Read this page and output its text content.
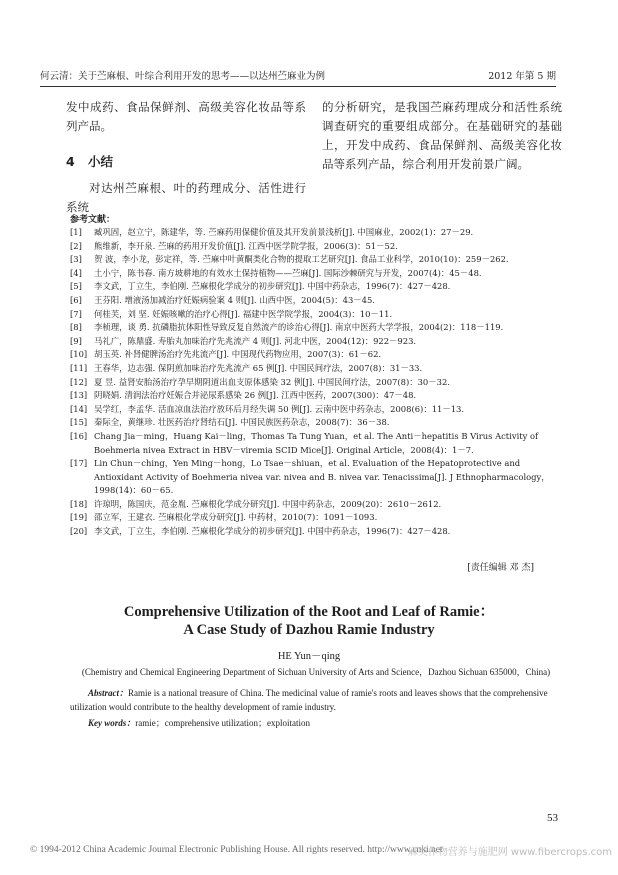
何云清：关于苎麻根、叶综合利用开发的思考——以达州苎麻业为例	2012 年第 5 期

发中成药、食品保鲜剂、高级美容化妆品等系列产品。

4 小结

对达州苎麻根、叶的药理成分、活性进行系统

的分析研究，是我国苎麻药理成分和活性系统调查研究的重要组成部分。在基础研究的基础上，开发中成药、食品保鲜剂、高级美容化妆品等系列产品，综合利用开发前景广阔。

参考文献：
[1]	臧巩固，赵立宁，陈建华，等. 苎麻药用保健价值及其开发前景浅析[J]. 中国麻业，2002(1)：27－29.
[2]	熊维新，李开泉. 苎麻的药用开发价值[J]. 江西中医学院学报，2006(3)：51－52.
[3]	贺 波，李小龙，彭定祥，等. 苎麻中叶黄酮类化合物的提取工艺研究[J]. 食品工业科学，2010(10)：259－262.
[4]	土小宁，陈书春. 南方坡耕地的有效水土保持植物——苎麻[J]. 国际沙棘研究与开发，2007(4)：45－48.
[5]	李文武，丁立生，李伯刚. 苎麻根化学成分的初步研究[J]. 中国中药杂志，1996(7)：427－428.
[6]	王芬阳. 增液汤加减治疗妊娠病验案 4 则[J]. 山西中医，2004(5)：43－45.
[7]	何桂芙，刘 坚. 妊娠咳嗽的治疗心得[J]. 福建中医学院学报，2004(3)：10－11.
[8]	李桢理，谈 勇. 抗磷脂抗体阳性导致反复自然流产的诊治心得[J]. 南京中医药大学学报，2004(2)：118－119.
[9]	马礼广，陈鼎盛. 寿胎丸加味治疗先兆流产 4 则[J]. 河北中医，2004(12)：922－923.
[10] 胡玉英. 补肾健脾汤治疗先兆流产[J]. 中国现代药物应用，2007(3)：61－62.
[11] 王春华，边志强. 保阴煎加味治疗先兆流产 65 例[J]. 中国民间疗法，2007(8)：31－33.
[12] 夏 昱. 益肾安胎汤治疗孕早期阴道出血支原体感染 32 例[J]. 中国民间疗法，2007(8)：30－32.
[13] 阴晓娟. 清润法治疗妊娠合并泌尿系感染 26 例[J]. 江西中医药，2007(300)：47－48.
[14] 吴学红，李孟华. 活血凉血法治疗放环后月经失调 50 例[J]. 云南中医中药杂志，2008(6)：11－13.
[15] 秦际全，黄继珍. 壮医药治疗肾结石[J]. 中国民族医药杂志，2008(7)：36－38.
[16] Chang Jia－ming，Huang Kai－ling，Thomas Ta Tung Yuan，et al. The Anti－hepatitis B Virus Activity of Boehmeria nivea Extract in HBV－viremia SCID Mice[J]. Original Article，2008(4)：1－7.
[17] Lin Chun－ching，Yen Ming－hong，Lo Tsae－shiuan，et al. Evaluation of the Hepatoprotective and Antioxidant Activity of Boehmeria nivea var. nivea and B. nivea var. Tenacissima[J]. J Ethnopharmacology，1998(14)：60－65.
[18] 许琼明，陈国庆，范金胤. 苎麻根化学成分研究[J]. 中国中药杂志，2009(20)：2610－2612.
[19] 邵立军，王建衣. 苎麻根化学成分研究[J]. 中药材，2010(7)：1091－1093.
[20] 李文武，丁立生，李伯刚. 苎麻根化学成分的初步研究[J]. 中国中药杂志，1996(7)：427－428.
[责任编辑 邓 杰]
Comprehensive Utilization of the Root and Leaf of Ramie：
A Case Study of Dazhou Ramie Industry
HE Yun－qing
(Chemistry and Chemical Engineering Department of Sichuan University of Arts and Science，Dazhou Sichuan 635000，China)

Abstract：Ramie is a national treasure of China. The medicinal value of ramie's roots and leaves shows that the comprehensive utilization would contribute to the healthy development of ramie industry.

Key words：ramie；comprehensive utilization；exploitation

53
© 1994-2012 China Academic Journal Electronic Publishing House. All rights reserved. http://www.cnki.net
麻类作物营养与施肥网 www.fibercrops.com
